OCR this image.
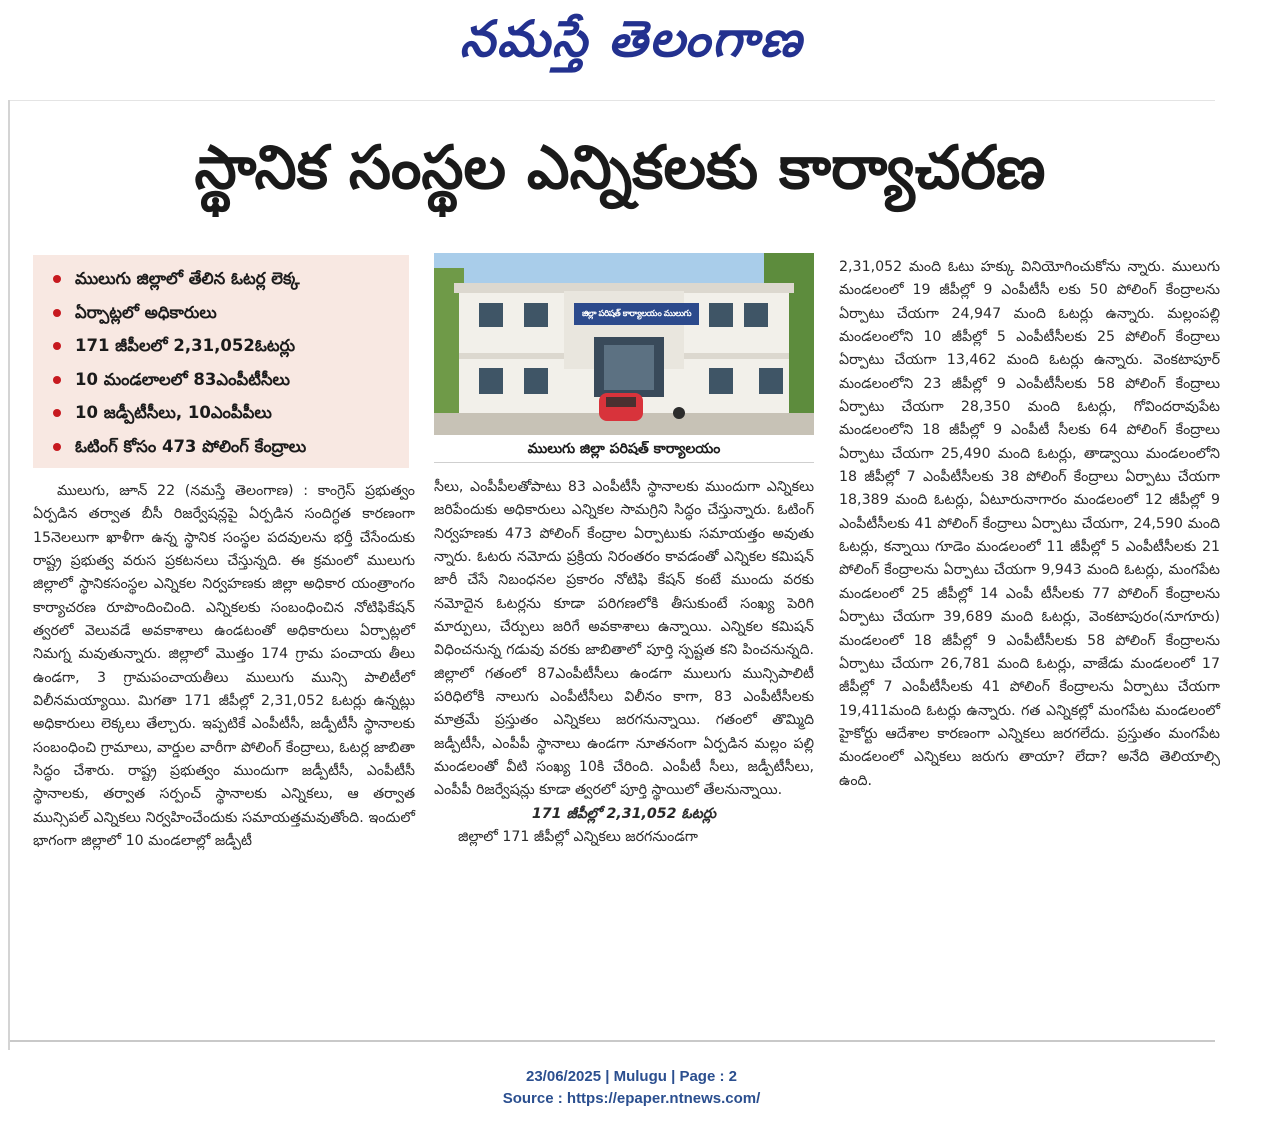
నమస్తే తెలంగాణ
స్థానిక సంస్థల ఎన్నికలకు కార్యాచరణ
ములుగు జిల్లాలో తేలిన ఓటర్ల లెక్క
ఏర్పాట్లలో అధికారులు
171 జీపీలలో 2,31,052ఓటర్లు
10 మండలాలలో 83ఎంపీటీసీలు
10 జడ్పీటీసీలు, 10ఎంపీపీలు
ఓటింగ్ కోసం 473 పోలింగ్ కేంద్రాలు

ములుగు, జూన్ 22 (నమస్తే తెలంగాణ) : కాంగ్రెస్ ప్రభుత్వం ఏర్పడిన తర్వాత బీసీ రిజర్వేషన్లపై ఏర్పడిన సందిగ్ధత కారణంగా 15నెలలుగా ఖాళీగా ఉన్న స్థానిక సంస్థల పదవులను భర్తీ చేసేందుకు రాష్ట్ర ప్రభుత్వ వరుస ప్రకటనలు చేస్తున్నది. ఈ క్రమంలో ములుగు జిల్లాలో స్థానికసంస్థల ఎన్నికల నిర్వహణకు జిల్లా అధికార యంత్రాంగం కార్యాచరణ రూపొందించింది. ఎన్నికలకు సంబంధించిన నోటిఫికేషన్ త్వరలో వెలువడే అవకాశాలు ఉండటంతో అధికారులు ఏర్పాట్లలో నిమగ్న మవుతున్నారు. జిల్లాలో మొత్తం 174 గ్రామ పంచాయ తీలు ఉండగా, 3 గ్రామపంచాయతీలు ములుగు మున్సి పాలిటీలో విలీనమయ్యాయి. మిగతా 171 జీపీల్లో 2,31,052 ఓటర్లు ఉన్నట్లు అధికారులు లెక్కలు తేల్చారు. ఇప్పటికే ఎంపీటీసీ, జడ్పీటీసీ స్థానాలకు సంబంధించి గ్రామాలు, వార్డుల వారీగా పోలింగ్ కేంద్రాలు, ఓటర్ల జాబితా సిద్ధం చేశారు. రాష్ట్ర ప్రభుత్వం ముందుగా జడ్పీటీసీ, ఎంపీటీసీ స్థానాలకు, తర్వాత సర్పంచ్ స్థానాలకు ఎన్నికలు, ఆ తర్వాత మున్సిపల్ ఎన్నికలు నిర్వహించేందుకు సమాయత్తమవుతోంది. ఇందులో భాగంగా జిల్లాలో 10 మండలాల్లో జడ్పీటీ

జిల్లా పరిషత్ కార్యాలయం ములుగు
ములుగు జిల్లా పరిషత్ కార్యాలయం

సీలు, ఎంపీపీలతోపాటు 83 ఎంపీటీసీ స్థానాలకు ముందుగా ఎన్నికలు జరిపేందుకు అధికారులు ఎన్నికల సామగ్రిని సిద్ధం చేస్తున్నారు. ఓటింగ్ నిర్వహణకు 473 పోలింగ్ కేంద్రాల ఏర్పాటుకు సమాయత్తం అవుతు న్నారు. ఓటరు నమోదు ప్రక్రియ నిరంతరం కావడంతో ఎన్నికల కమిషన్ జారీ చేసే నిబంధనల ప్రకారం నోటిఫి కేషన్ కంటే ముందు వరకు నమోదైన ఓటర్లను కూడా పరిగణలోకి తీసుకుంటే సంఖ్య పెరిగి మార్పులు, చేర్పులు జరిగే అవకాశాలు ఉన్నాయి. ఎన్నికల కమిషన్ విధించనున్న గడువు వరకు జాబితాలో పూర్తి స్పష్టత కని పించనున్నది. జిల్లాలో గతంలో 87ఎంపీటీసీలు ఉండగా ములుగు మున్సిపాలిటీ పరిధిలోకి నాలుగు ఎంపీటీసీలు విలీనం కాగా, 83 ఎంపీటీసీలకు మాత్రమే ప్రస్తుతం ఎన్నికలు జరగనున్నాయి. గతంలో తొమ్మిది జడ్పీటీసీ, ఎంపీపీ స్థానాలు ఉండగా నూతనంగా ఏర్పడిన మల్లం పల్లి మండలంతో వీటి సంఖ్య 10కి చేరింది. ఎంపీటీ సీలు, జడ్పీటీసీలు, ఎంపీపీ రిజర్వేషన్లు కూడా త్వరలో పూర్తి స్థాయిలో తేలనున్నాయి.

171 జీపీల్లో 2,31,052 ఓటర్లు

జిల్లాలో 171 జీపీల్లో ఎన్నికలు జరగనుండగా

2,31,052 మంది ఓటు హక్కు వినియోగించుకోను న్నారు. ములుగు మండలంలో 19 జీపీల్లో 9 ఎంపీటీసీ లకు 50 పోలింగ్ కేంద్రాలను ఏర్పాటు చేయగా 24,947 మంది ఓటర్లు ఉన్నారు. మల్లంపల్లి మండలంలోని 10 జీపీల్లో 5 ఎంపీటీసీలకు 25 పోలింగ్ కేంద్రాలు ఏర్పాటు చేయగా 13,462 మంది ఓటర్లు ఉన్నారు. వెంకటాపూర్ మండలంలోని 23 జీపీల్లో 9 ఎంపీటీసీలకు 58 పోలింగ్ కేంద్రాలు ఏర్పాటు చేయగా 28,350 మంది ఓటర్లు, గోవిందరావుపేట మండలంలోని 18 జీపీల్లో 9 ఎంపీటీ సీలకు 64 పోలింగ్ కేంద్రాలు ఏర్పాటు చేయగా 25,490 మంది ఓటర్లు, తాడ్వాయి మండలంలోని 18 జీపీల్లో 7 ఎంపీటీసీలకు 38 పోలింగ్ కేంద్రాలు ఏర్పాటు చేయగా 18,389 మంది ఓటర్లు, ఏటూరునాగారం మండలంలో 12 జీపీల్లో 9 ఎంపీటీసీలకు 41 పోలింగ్ కేంద్రాలు ఏర్పాటు చేయగా, 24,590 మంది ఓటర్లు, కన్నాయి గూడెం మండలంలో 11 జీపీల్లో 5 ఎంపీటీసీలకు 21 పోలింగ్ కేంద్రాలను ఏర్పాటు చేయగా 9,943 మంది ఓటర్లు, మంగపేట మండలంలో 25 జీపీల్లో 14 ఎంపీ టీసీలకు 77 పోలింగ్ కేంద్రాలను ఏర్పాటు చేయగా 39,689 మంది ఓటర్లు, వెంకటాపురం(నూగూరు) మండలంలో 18 జీపీల్లో 9 ఎంపీటీసీలకు 58 పోలింగ్ కేంద్రాలను ఏర్పాటు చేయగా 26,781 మంది ఓటర్లు, వాజేడు మండలంలో 17 జీపీల్లో 7 ఎంపీటీసీలకు 41 పోలింగ్ కేంద్రాలను ఏర్పాటు చేయగా 19,411మంది ఓటర్లు ఉన్నారు. గత ఎన్నికల్లో మంగపేట మండలంలో హైకోర్టు ఆదేశాల కారణంగా ఎన్నికలు జరగలేదు. ప్రస్తుతం మంగపేట మండలంలో ఎన్నికలు జరుగు తాయా? లేదా? అనేది తెలియాల్సి ఉంది.

23/06/2025 | Mulugu | Page : 2
Source : https://epaper.ntnews.com/
